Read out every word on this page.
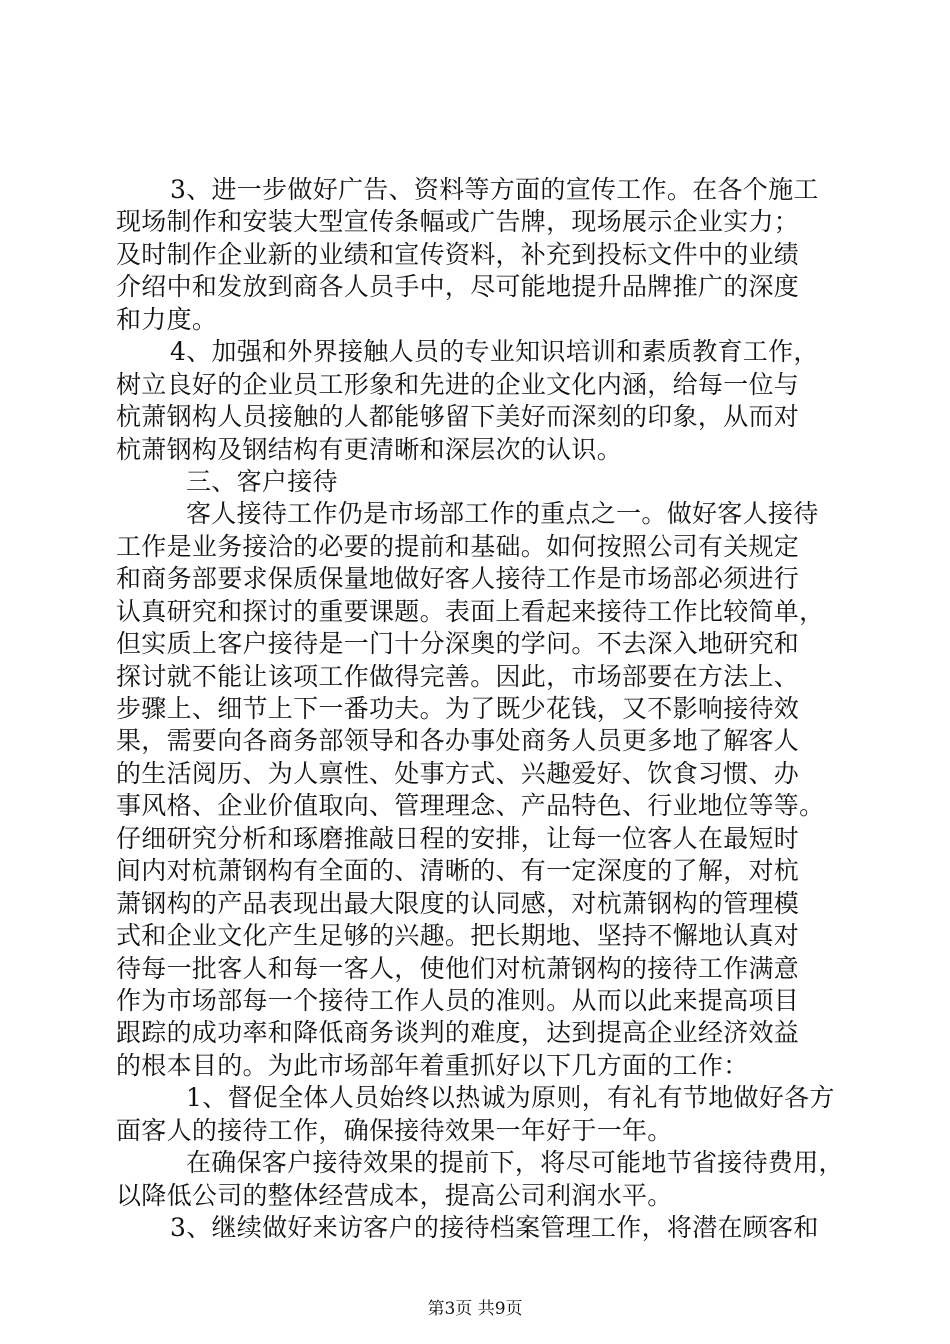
3、进一步做好广告、资料等方面的宣传工作。在各个施工
现场制作和安装大型宣传条幅或广告牌，现场展示企业实力；
及时制作企业新的业绩和宣传资料，补充到投标文件中的业绩
介绍中和发放到商各人员手中，尽可能地提升品牌推广的深度
和力度。
4、加强和外界接触人员的专业知识培训和素质教育工作，
树立良好的企业员工形象和先进的企业文化内涵，给每一位与
杭萧钢构人员接触的人都能够留下美好而深刻的印象，从而对
杭萧钢构及钢结构有更清晰和深层次的认识。
三、客户接待
客人接待工作仍是市场部工作的重点之一。做好客人接待
工作是业务接洽的必要的提前和基础。如何按照公司有关规定
和商务部要求保质保量地做好客人接待工作是市场部必须进行
认真研究和探讨的重要课题。表面上看起来接待工作比较简单，
但实质上客户接待是一门十分深奥的学问。不去深入地研究和
探讨就不能让该项工作做得完善。因此，市场部要在方法上、
步骤上、细节上下一番功夫。为了既少花钱，又不影响接待效
果，需要向各商务部领导和各办事处商务人员更多地了解客人
的生活阅历、为人禀性、处事方式、兴趣爱好、饮食习惯、办
事风格、企业价值取向、管理理念、产品特色、行业地位等等。
仔细研究分析和琢磨推敲日程的安排，让每一位客人在最短时
间内对杭萧钢构有全面的、清晰的、有一定深度的了解，对杭
萧钢构的产品表现出最大限度的认同感，对杭萧钢构的管理模
式和企业文化产生足够的兴趣。把长期地、坚持不懈地认真对
待每一批客人和每一客人，使他们对杭萧钢构的接待工作满意
作为市场部每一个接待工作人员的准则。从而以此来提高项目
跟踪的成功率和降低商务谈判的难度，达到提高企业经济效益
的根本目的。为此市场部年着重抓好以下几方面的工作：
1、督促全体人员始终以热诚为原则，有礼有节地做好各方
面客人的接待工作，确保接待效果一年好于一年。
在确保客户接待效果的提前下，将尽可能地节省接待费用，
以降低公司的整体经营成本，提高公司利润水平。
3、继续做好来访客户的接待档案管理工作，将潜在顾客和
第3页 共9页
